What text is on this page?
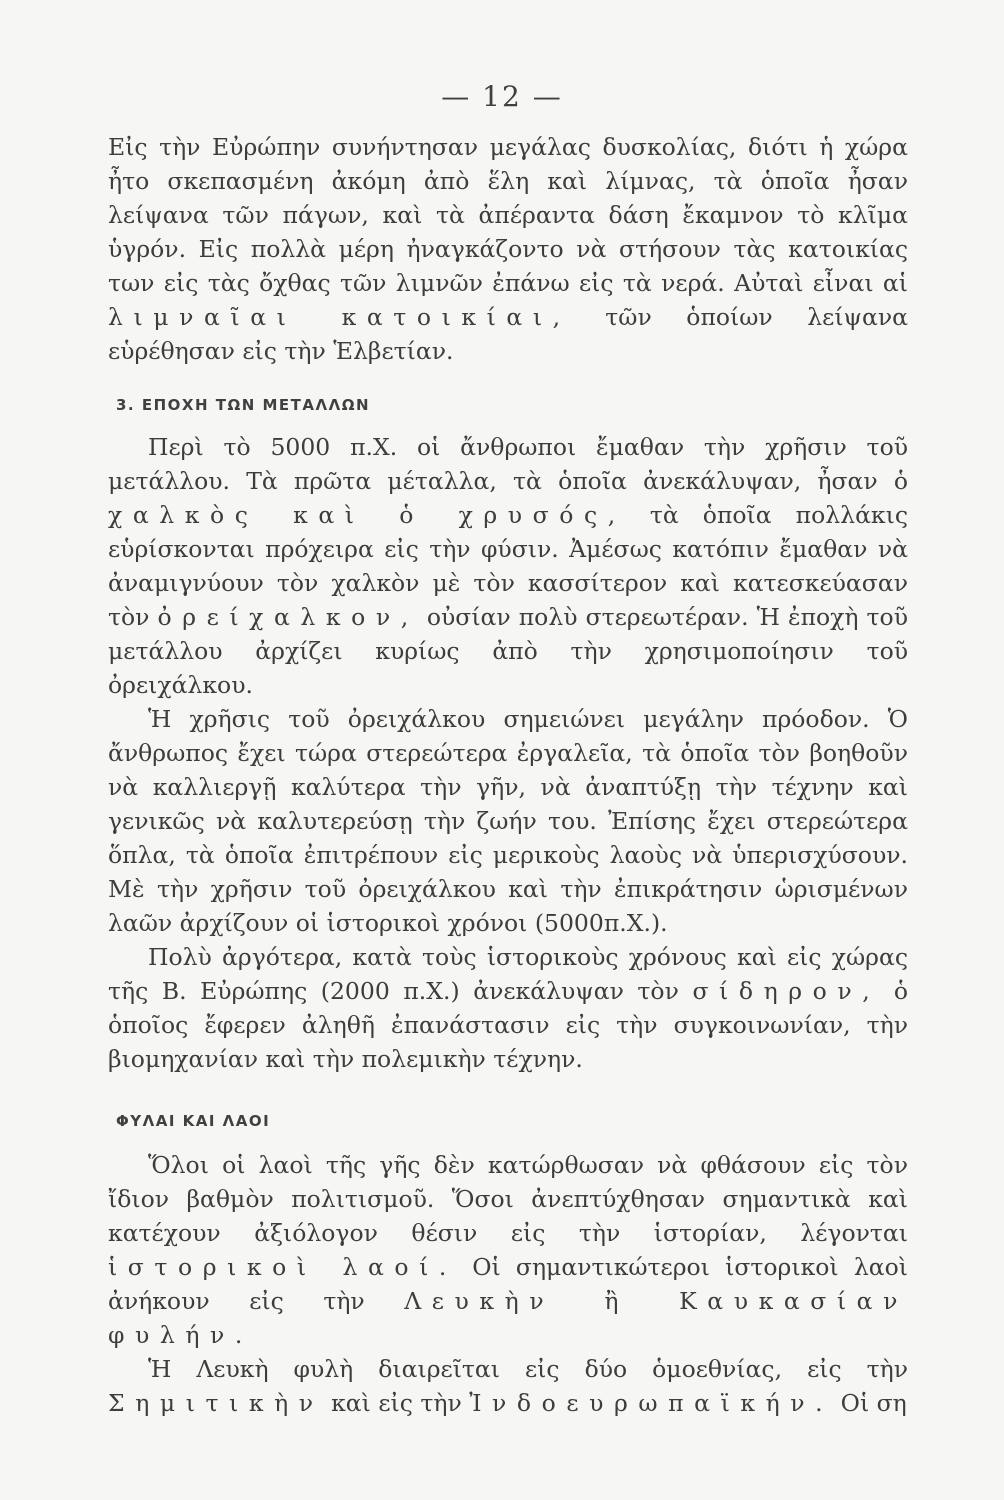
— 12 —

Εἰς τὴν Εὐρώπην συνήντησαν μεγάλας δυσκολίας, διότι ἡ χώρα ἦτο σκεπασμένη ἀκόμη ἀπὸ ἕλη καὶ λίμνας, τὰ ὁποῖα ἦσαν λείψανα τῶν πάγων, καὶ τὰ ἀπέραντα δάση ἔκαμνον τὸ κλῖμα ὑγρόν. Εἰς πολλὰ μέρη ἠναγκάζοντο νὰ στήσουν τὰς κατοικίας των εἰς τὰς ὄχθας τῶν λιμνῶν ἐπάνω εἰς τὰ νερά. Αὐταὶ εἶναι αἱ λιμναῖαι κατοικίαι, τῶν ὁποίων λείψανα εὑρέθησαν εἰς τὴν Ἑλβετίαν.

3. ΕΠΟΧΗ ΤΩΝ ΜΕΤΑΛΛΩΝ

Περὶ τὸ 5000 π.Χ. οἱ ἄνθρωποι ἔμαθαν τὴν χρῆσιν τοῦ μετάλλου. Τὰ πρῶτα μέταλλα, τὰ ὁποῖα ἀνεκάλυψαν, ἦσαν ὁ χαλκὸς καὶ ὁ χρυσός, τὰ ὁποῖα πολλάκις εὑρίσκονται πρόχειρα εἰς τὴν φύσιν. Ἀμέσως κατόπιν ἔμαθαν νὰ ἀναμιγνύουν τὸν χαλκὸν μὲ τὸν κασσίτερον καὶ κατεσκεύασαν τὸν ὀρείχαλκον, οὐσίαν πολὺ στερεωτέραν. Ἡ ἐποχὴ τοῦ μετάλλου ἀρχίζει κυρίως ἀπὸ τὴν χρησιμοποίησιν τοῦ ὀρειχάλκου.

Ἡ χρῆσις τοῦ ὀρειχάλκου σημειώνει μεγάλην πρόοδον. Ὁ ἄνθρωπος ἔχει τώρα στερεώτερα ἐργαλεῖα, τὰ ὁποῖα τὸν βοηθοῦν νὰ καλλιεργῇ καλύτερα τὴν γῆν, νὰ ἀναπτύξῃ τὴν τέχνην καὶ γενικῶς νὰ καλυτερεύσῃ τὴν ζωήν του. Ἐπίσης ἔχει στερεώτερα ὅπλα, τὰ ὁποῖα ἐπιτρέπουν εἰς μερικοὺς λαοὺς νὰ ὑπερισχύσουν. Μὲ τὴν χρῆσιν τοῦ ὀρειχάλκου καὶ τὴν ἐπικράτησιν ὡρισμένων λαῶν ἀρχίζουν οἱ ἱστορικοὶ χρόνοι (5000π.Χ.).

Πολὺ ἀργότερα, κατὰ τοὺς ἱστορικοὺς χρόνους καὶ εἰς χώρας τῆς Β. Εὐρώπης (2000 π.Χ.) ἀνεκάλυψαν τὸν σίδηρον, ὁ ὁποῖος ἔφερεν ἀληθῆ ἐπανάστασιν εἰς τὴν συγκοινωνίαν, τὴν βιομηχανίαν καὶ τὴν πολεμικὴν τέχνην.

ΦΥΛΑΙ ΚΑΙ ΛΑΟΙ

Ὅλοι οἱ λαοὶ τῆς γῆς δὲν κατώρθωσαν νὰ φθάσουν εἰς τὸν ἴδιον βαθμὸν πολιτισμοῦ. Ὅσοι ἀνεπτύχθησαν σημαντικὰ καὶ κατέχουν ἀξιόλογον θέσιν εἰς τὴν ἱστορίαν, λέγονται ἱστορικοὶ λαοί. Οἱ σημαντικώτεροι ἱστορικοὶ λαοὶ ἀνήκουν εἰς τὴν Λευκὴν ἢ Καυκασίαν φυλήν.

Ἡ Λευκὴ φυλὴ διαιρεῖται εἰς δύο ὁμοεθνίας, εἰς τὴν Σημιτικὴν καὶ εἰς τὴν Ἰνδοευρωπαϊκήν. Οἱ ση
